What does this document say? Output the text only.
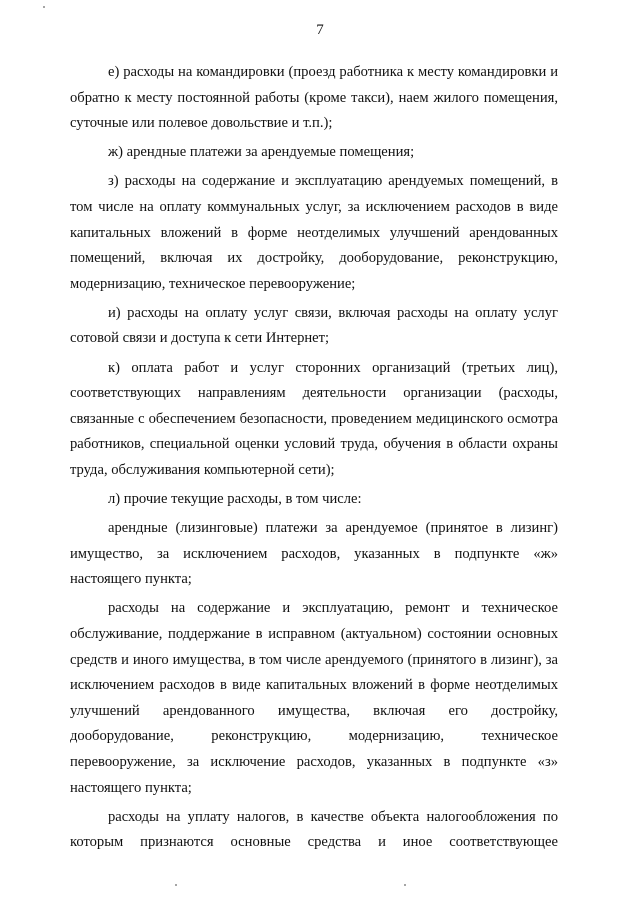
7

е) расходы на командировки (проезд работника к месту командировки и обратно к месту постоянной работы (кроме такси), наем жилого помещения, суточные или полевое довольствие и т.п.);

ж) арендные платежи за арендуемые помещения;

з) расходы на содержание и эксплуатацию арендуемых помещений, в том числе на оплату коммунальных услуг, за исключением расходов в виде капитальных вложений в форме неотделимых улучшений арендованных помещений, включая их достройку, дооборудование, реконструкцию, модернизацию, техническое перевооружение;

и) расходы на оплату услуг связи, включая расходы на оплату услуг сотовой связи и доступа к сети Интернет;

к) оплата работ и услуг сторонних организаций (третьих лиц), соответствующих направлениям деятельности организации (расходы, связанные с обеспечением безопасности, проведением медицинского осмотра работников, специальной оценки условий труда, обучения в области охраны труда, обслуживания компьютерной сети);

л) прочие текущие расходы, в том числе:

арендные (лизинговые) платежи за арендуемое (принятое в лизинг) имущество, за исключением расходов, указанных в подпункте «ж» настоящего пункта;

расходы на содержание и эксплуатацию, ремонт и техническое обслуживание, поддержание в исправном (актуальном) состоянии основных средств и иного имущества, в том числе арендуемого (принятого в лизинг), за исключением расходов в виде капитальных вложений в форме неотделимых улучшений арендованного имущества, включая его достройку, дооборудование, реконструкцию, модернизацию, техническое перевооружение, за исключение расходов, указанных в подпункте «з» настоящего пункта;

расходы на уплату налогов, в качестве объекта налогообложения по которым признаются основные средства и иное соответствующее
